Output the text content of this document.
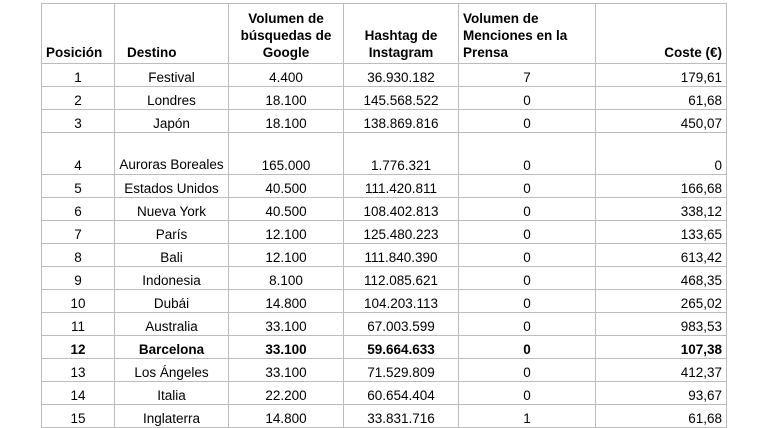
Posición	Destino	Volumen de búsquedas de Google	Hashtag de Instagram	Volumen de Menciones en la Prensa	Coste (€)
1	Festival	4.400	36.930.182	7	179,61
2	Londres	18.100	145.568.522	0	61,68
3	Japón	18.100	138.869.816	0	450,07
4	Auroras Boreales	165.000	1.776.321	0	0
5	Estados Unidos	40.500	111.420.811	0	166,68
6	Nueva York	40.500	108.402.813	0	338,12
7	París	12.100	125.480.223	0	133,65
8	Bali	12.100	111.840.390	0	613,42
9	Indonesia	8.100	112.085.621	0	468,35
10	Dubái	14.800	104.203.113	0	265,02
11	Australia	33.100	67.003.599	0	983,53
12	Barcelona	33.100	59.664.633	0	107,38
13	Los Ángeles	33.100	71.529.809	0	412,37
14	Italia	22.200	60.654.404	0	93,67
15	Inglaterra	14.800	33.831.716	1	61,68
